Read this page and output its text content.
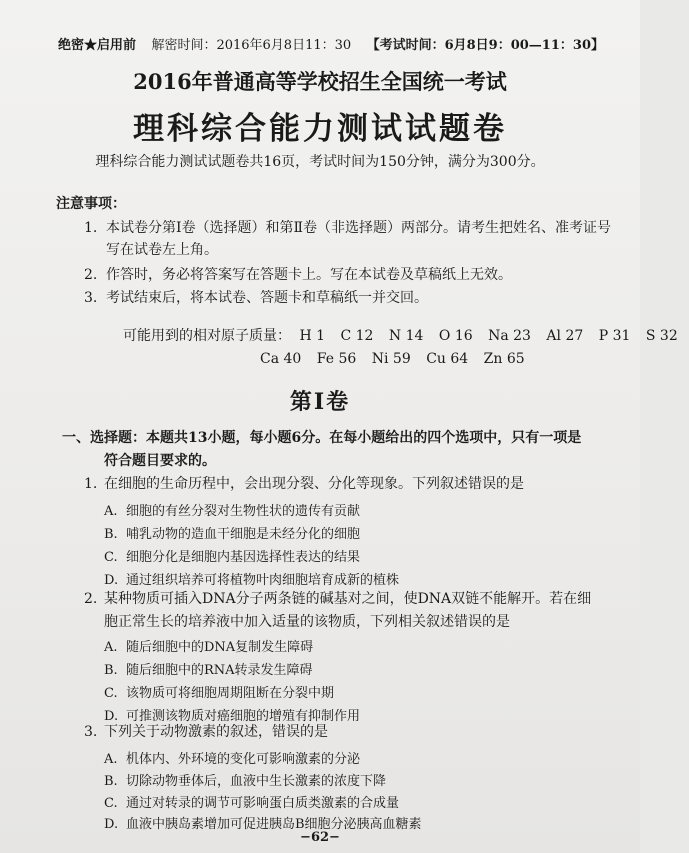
绝密★启用前 解密时间：2016年6月8日11：30 【考试时间：6月8日9：00—11：30】
2016年普通高等学校招生全国统一考试
理科综合能力测试试题卷
理科综合能力测试试题卷共16页，考试时间为150分钟，满分为300分。
注意事项：
1. 本试卷分第Ⅰ卷（选择题）和第Ⅱ卷（非选择题）两部分。请考生把姓名、准考证号
写在试卷左上角。
2. 作答时，务必将答案写在答题卡上。写在本试卷及草稿纸上无效。
3. 考试结束后，将本试卷、答题卡和草稿纸一并交回。
可能用到的相对原子质量： H 1 C 12 N 14 O 16 Na 23 Al 27 P 31 S 32
Ca 40 Fe 56 Ni 59 Cu 64 Zn 65
第Ⅰ卷
一、选择题：本题共13小题，每小题6分。在每小题给出的四个选项中，只有一项是
符合题目要求的。
1. 在细胞的生命历程中，会出现分裂、分化等现象。下列叙述错误的是
A. 细胞的有丝分裂对生物性状的遗传有贡献
B. 哺乳动物的造血干细胞是未经分化的细胞
C. 细胞分化是细胞内基因选择性表达的结果
D. 通过组织培养可将植物叶肉细胞培育成新的植株
2. 某种物质可插入DNA分子两条链的碱基对之间，使DNA双链不能解开。若在细
胞正常生长的培养液中加入适量的该物质，下列相关叙述错误的是
A. 随后细胞中的DNA复制发生障碍
B. 随后细胞中的RNA转录发生障碍
C. 该物质可将细胞周期阻断在分裂中期
D. 可推测该物质对癌细胞的增殖有抑制作用
3. 下列关于动物激素的叙述，错误的是
A. 机体内、外环境的变化可影响激素的分泌
B. 切除动物垂体后，血液中生长激素的浓度下降
C. 通过对转录的调节可影响蛋白质类激素的合成量
D. 血液中胰岛素增加可促进胰岛B细胞分泌胰高血糖素
−62−
